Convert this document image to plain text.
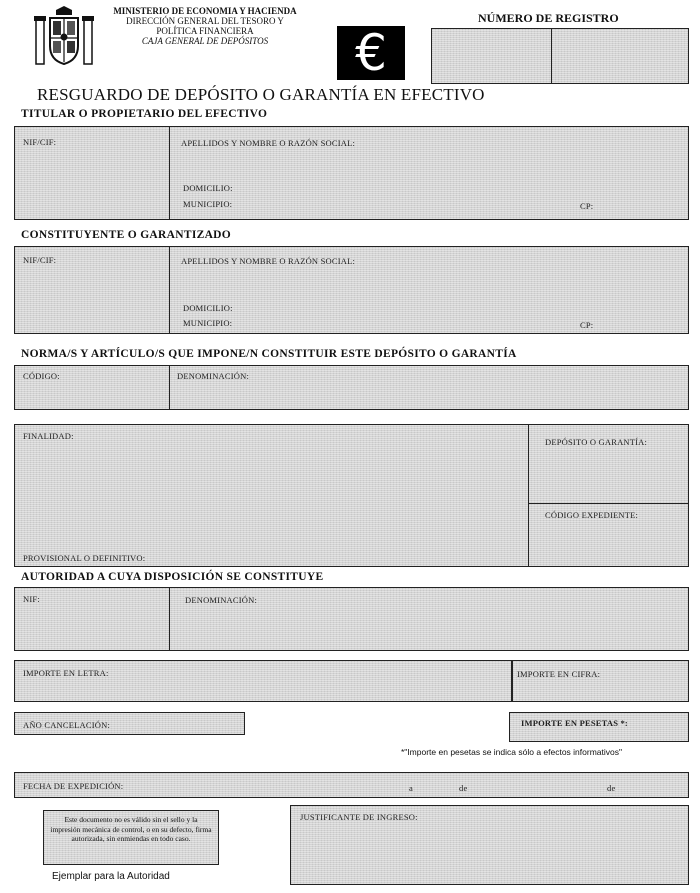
MINISTERIO DE ECONOMIA Y HACIENDA
DIRECCIÓN GENERAL DEL TESORO Y
POLÍTICA FINANCIERA
CAJA GENERAL DE DEPÓSITOS	€
NÚMERO DE REGISTRO
RESGUARDO DE DEPÓSITO O GARANTÍA EN EFECTIVO
TITULAR O PROPIETARIO DEL EFECTIVO
NIF/CIF:	APELLIDOS Y NOMBRE O RAZÓN SOCIAL:
DOMICILIO:
MUNICIPIO:	CP:
CONSTITUYENTE O GARANTIZADO
NIF/CIF:	APELLIDOS Y NOMBRE O RAZÓN SOCIAL:
DOMICILIO:
MUNICIPIO:	CP:
NORMA/S Y ARTÍCULO/S QUE IMPONE/N CONSTITUIR ESTE DEPÓSITO O GARANTÍA
CÓDIGO:	DENOMINACIÓN:
FINALIDAD:
PROVISIONAL O DEFINITIVO:
DEPÓSITO O GARANTÍA:
CÓDIGO EXPEDIENTE:
AUTORIDAD A CUYA DISPOSICIÓN SE CONSTITUYE
NIF:	DENOMINACIÓN:
IMPORTE EN LETRA:	IMPORTE EN CIFRA:
AÑO CANCELACIÓN:	IMPORTE EN PESETAS *:
*"Importe en pesetas se indica sólo a efectos informativos"
FECHA DE EXPEDICIÓN:	a	de	de
Este documento no es válido sin el sello y la impresión mecánica de control, o en su defecto, firma autorizada, sin enmiendas en todo caso.
Ejemplar para la Autoridad
JUSTIFICANTE DE INGRESO:
